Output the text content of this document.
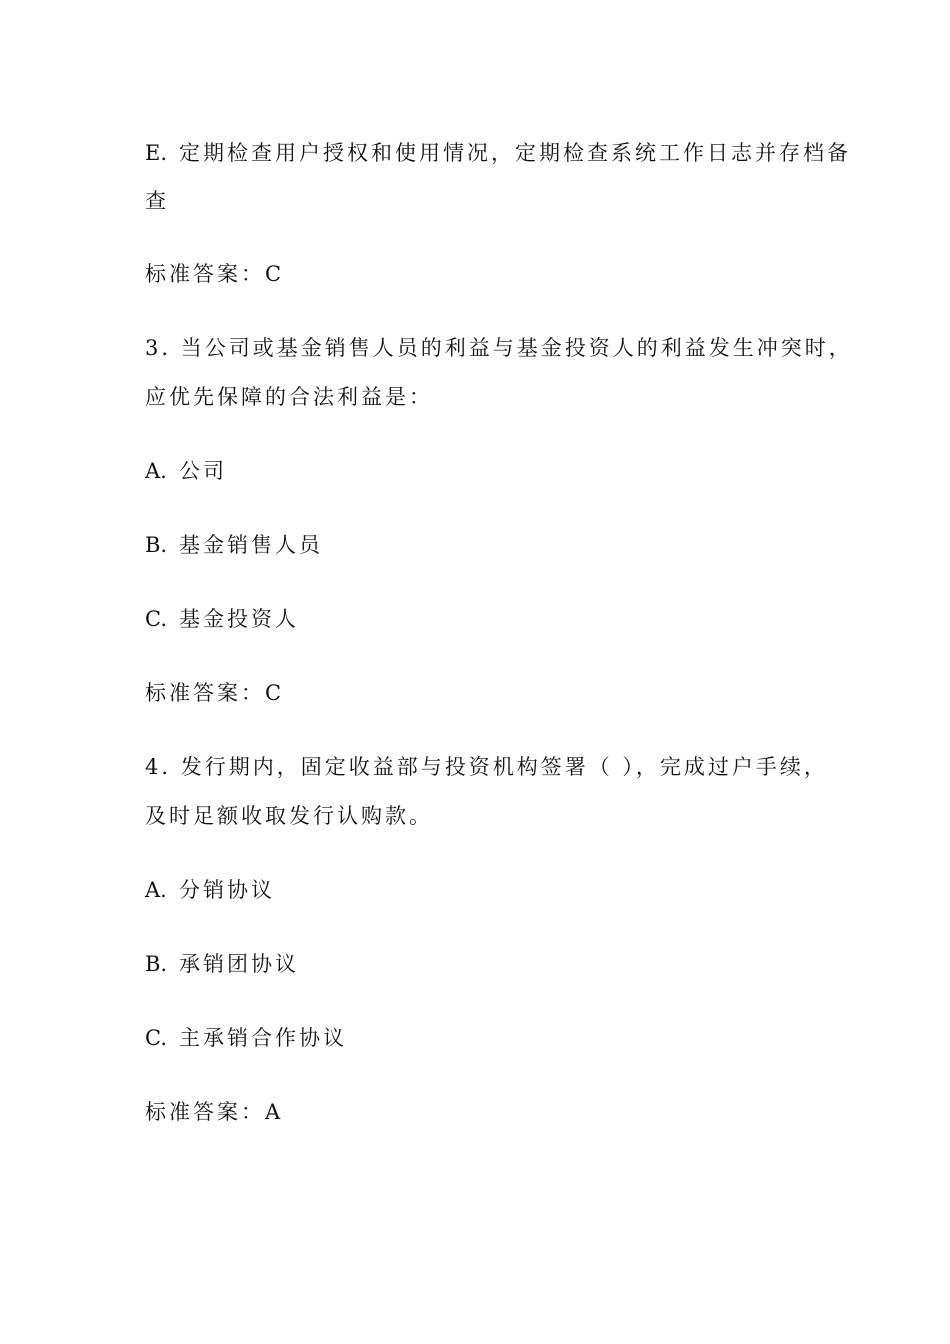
E. 定期检查用户授权和使用情况，定期检查系统工作日志并存档备
查
标准答案：C
3. 当公司或基金销售人员的利益与基金投资人的利益发生冲突时，
应优先保障的合法利益是：
A. 公司
B. 基金销售人员
C. 基金投资人
标准答案：C
4. 发行期内，固定收益部与投资机构签署（ ），完成过户手续，
及时足额收取发行认购款。
A. 分销协议
B. 承销团协议
C. 主承销合作协议
标准答案：A
